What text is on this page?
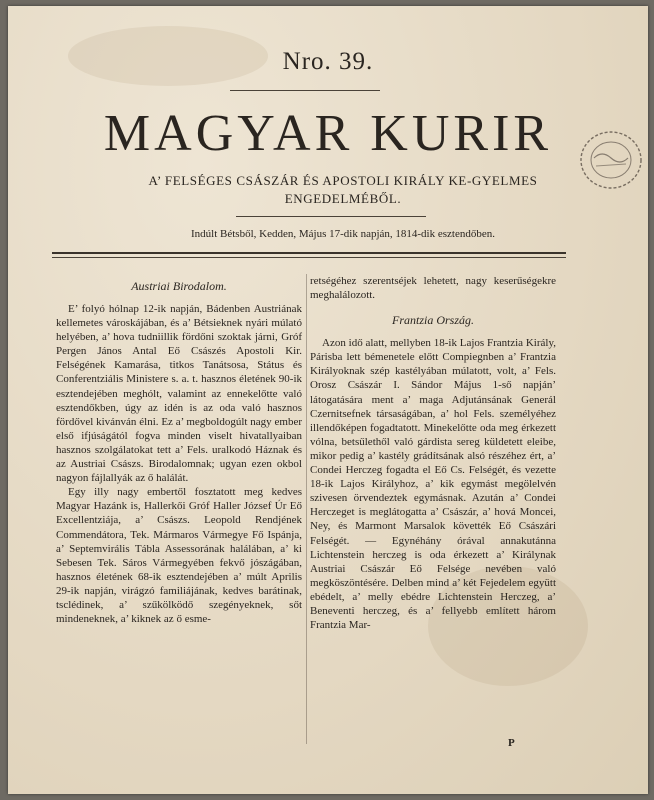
Nro. 39.
MAGYAR KURIR
A’ FELSÉGES CSÁSZÁR ÉS APOSTOLI KIRÁLY KE-GYELMES ENGEDELMÉBŐL.
Indúlt Bétsből, Kedden, Május 17-dik napján, 1814-dik esztendőben.
Austriai Birodalom.

E’ folyó hólnap 12-ik napján, Bádenben Austriának kellemetes városkájában, és a’ Bétsieknek nyári múlató helyében, a’ hova tudniillik fördőni szoktak járni, Gróf Pergen János Antal Eő Császés Apostoli Kir. Felségének Kamarása, titkos Tanátsosa, Státus és Conferentziális Ministere s. a. t. hasznos életének 90-ik esztendejében meghólt, valamint az ennekelőtte való esztendőkben, úgy az idén is az oda való hasznos fördővel kivánván élni. Ez a’ megboldogúlt nagy ember első ifjúságától fogva minden viselt hivatallyaiban hasznos szolgálatokat tett a’ Fels. uralkodó Háznak és az Austriai Császs. Birodalomnak; ugyan ezen okbol nagyon fájlallyák az ő halálát.

Egy illy nagy embertől fosztatott meg kedves Magyar Hazánk is, Hallerkői Gróf Haller József Úr Eő Excellentziája, a’ Császs. Leopold Rendjének Commendátora, Tek. Mármaros Vármegye Fő Ispánja, a’ Septemvirális Tábla Assessorának halálában, a’ ki Sebesen Tek. Sáros Vármegyében fekvő jószágában, hasznos életének 68-ik esztendejében a’ múlt Aprilis 29-ik napján, virágzó familiájának, kedves barátinak, tsclédinek, a’ szűkölködő szegényeknek, sőt mindeneknek, a’ kiknek az ő esme-

retségéhez szerentséjek lehetett, nagy keserűségekre meghalálozott.

Frantzia Ország.

Azon idő alatt, mellyben 18-ik Lajos Frantzia Király, Párisba lett bémenetele előtt Compiegnben a’ Frantzia Királyoknak szép kastélyában múlatott, volt, a’ Fels. Orosz Császár I. Sándor Május 1-ső napján’ látogatására ment a’ maga Adjutánsának Generál Czernitsefnek társaságában, a’ hol Fels. személyéhez illendőképen fogadtatott. Minekelőtte oda meg érkezett vólna, betsűlethől való gárdista sereg küldetett eleibe, mikor pedig a’ kastély grádítsának alsó részéhez ért, a’ Condei Herczeg fogadta el Eő Cs. Felségét, és vezette 18-ik Lajos Királyhoz, a’ kik egymást megölelvén szivesen örvendeztek egymásnak. Azután a’ Condei Herczeget is meglátogatta a’ Császár, a’ hová Moncei, Ney, és Marmont Marsalok követték Eő Császári Felségét. — Egynéhány órával annakutánna Lichtenstein herczeg is oda érkezett a’ Királynak Austriai Császár Eő Felsége nevében való megköszöntésére. Delben mind a’ két Fejedelem együtt ebédelt, a’ melly ebédre Lichtenstein Herczeg, a’ Beneventi herczeg, és a’ fellyebb említett három Frantzia Mar-

P
